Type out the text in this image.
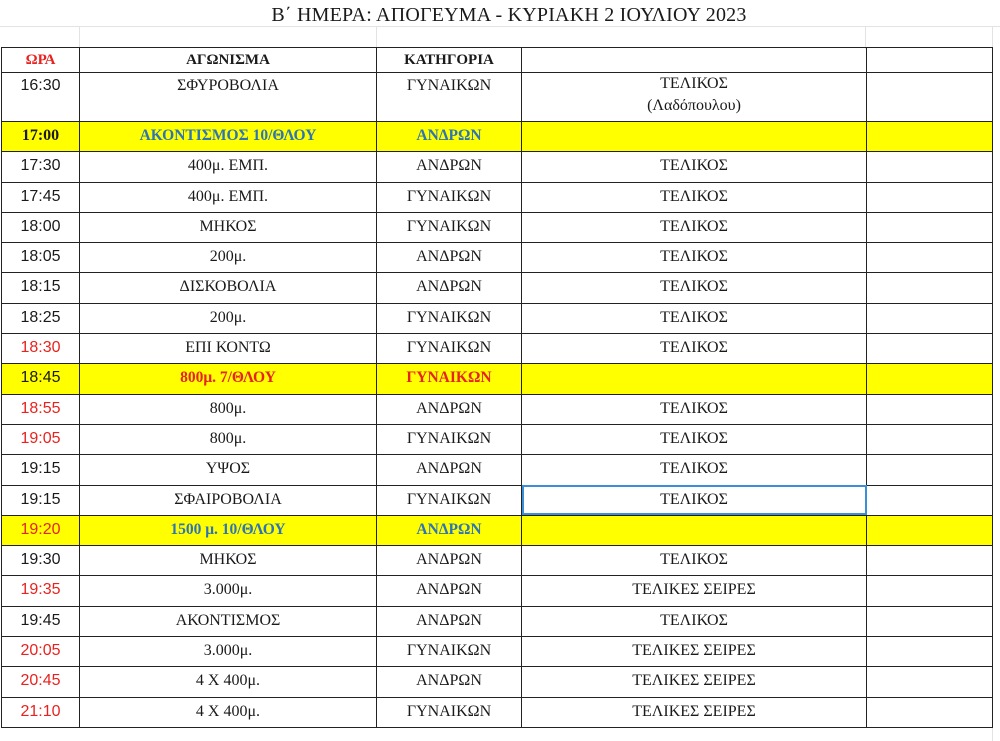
Β΄ ΗΜΕΡΑ: ΑΠΟΓΕΥΜΑ - ΚΥΡΙΑΚΗ 2 ΙΟΥΛΙΟΥ 2023
ΩΡΑ	ΑΓΩΝΙΣΜΑ	ΚΑΤΗΓΟΡΙΑ		
16:30	ΣΦΥΡΟΒΟΛΙΑ	ΓΥΝΑΙΚΩΝ	ΤΕΛΙΚΟΣ
(Λαδόπουλου)	

17:00	ΑΚΟΝΤΙΣΜΟΣ 10/ΘΛΟΥ	ΑΝΔΡΩΝ		
17:30	400μ. ΕΜΠ.	ΑΝΔΡΩΝ	ΤΕΛΙΚΟΣ	
17:45	400μ. ΕΜΠ.	ΓΥΝΑΙΚΩΝ	ΤΕΛΙΚΟΣ	
18:00	ΜΗΚΟΣ	ΓΥΝΑΙΚΩΝ	ΤΕΛΙΚΟΣ	
18:05	200μ.	ΑΝΔΡΩΝ	ΤΕΛΙΚΟΣ	
18:15	ΔΙΣΚΟΒΟΛΙΑ	ΑΝΔΡΩΝ	ΤΕΛΙΚΟΣ	
18:25	200μ.	ΓΥΝΑΙΚΩΝ	ΤΕΛΙΚΟΣ	
18:30	ΕΠΙ ΚΟΝΤΩ	ΓΥΝΑΙΚΩΝ	ΤΕΛΙΚΟΣ	
18:45	800μ. 7/ΘΛΟΥ	ΓΥΝΑΙΚΩΝ		
18:55	800μ.	ΑΝΔΡΩΝ	ΤΕΛΙΚΟΣ	
19:05	800μ.	ΓΥΝΑΙΚΩΝ	ΤΕΛΙΚΟΣ	
19:15	ΥΨΟΣ	ΑΝΔΡΩΝ	ΤΕΛΙΚΟΣ	
19:15	ΣΦΑΙΡΟΒΟΛΙΑ	ΓΥΝΑΙΚΩΝ	ΤΕΛΙΚΟΣ	
19:20	1500 μ. 10/ΘΛΟΥ	ΑΝΔΡΩΝ		
19:30	ΜΗΚΟΣ	ΑΝΔΡΩΝ	ΤΕΛΙΚΟΣ	
19:35	3.000μ.	ΑΝΔΡΩΝ	ΤΕΛΙΚΕΣ ΣΕΙΡΕΣ	
19:45	ΑΚΟΝΤΙΣΜΟΣ	ΑΝΔΡΩΝ	ΤΕΛΙΚΟΣ	
20:05	3.000μ.	ΓΥΝΑΙΚΩΝ	ΤΕΛΙΚΕΣ ΣΕΙΡΕΣ	
20:45	4 Χ 400μ.	ΑΝΔΡΩΝ	ΤΕΛΙΚΕΣ ΣΕΙΡΕΣ	
21:10	4 Χ 400μ.	ΓΥΝΑΙΚΩΝ	ΤΕΛΙΚΕΣ ΣΕΙΡΕΣ	
